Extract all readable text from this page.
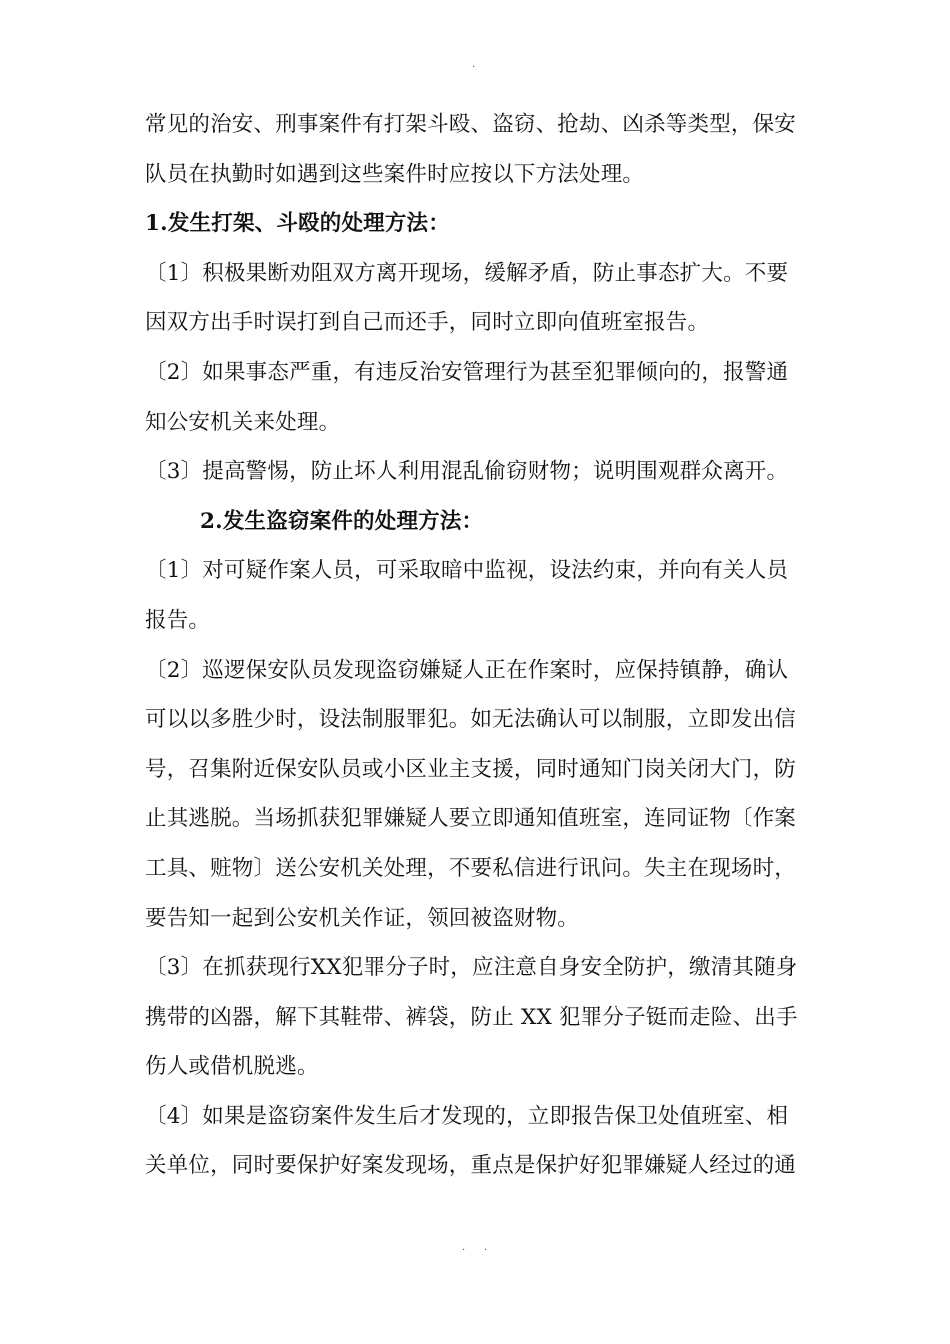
.
常见的治安、刑事案件有打架斗殴、盗窃、抢劫、凶杀等类型，保安
队员在执勤时如遇到这些案件时应按以下方法处理。
1.发生打架、斗殴的处理方法：
〔1〕积极果断劝阻双方离开现场，缓解矛盾，防止事态扩大。不要
因双方出手时误打到自己而还手，同时立即向值班室报告。
〔2〕如果事态严重，有违反治安管理行为甚至犯罪倾向的，报警通
知公安机关来处理。
〔3〕提高警惕，防止坏人利用混乱偷窃财物；说明围观群众离开。
2.发生盗窃案件的处理方法：
〔1〕对可疑作案人员，可采取暗中监视，设法约束，并向有关人员
报告。
〔2〕巡逻保安队员发现盗窃嫌疑人正在作案时，应保持镇静，确认
可以以多胜少时，设法制服罪犯。如无法确认可以制服，立即发出信
号，召集附近保安队员或小区业主支援，同时通知门岗关闭大门，防
止其逃脱。当场抓获犯罪嫌疑人要立即通知值班室，连同证物〔作案
工具、赃物〕送公安机关处理，不要私信进行讯问。失主在现场时，
要告知一起到公安机关作证，领回被盗财物。
〔3〕在抓获现行XX犯罪分子时，应注意自身安全防护，缴清其随身
携带的凶器，解下其鞋带、裤袋，防止 XX 犯罪分子铤而走险、出手
伤人或借机脱逃。
〔4〕如果是盗窃案件发生后才发现的，立即报告保卫处值班室、相
关单位，同时要保护好案发现场，重点是保护好犯罪嫌疑人经过的通
. .
